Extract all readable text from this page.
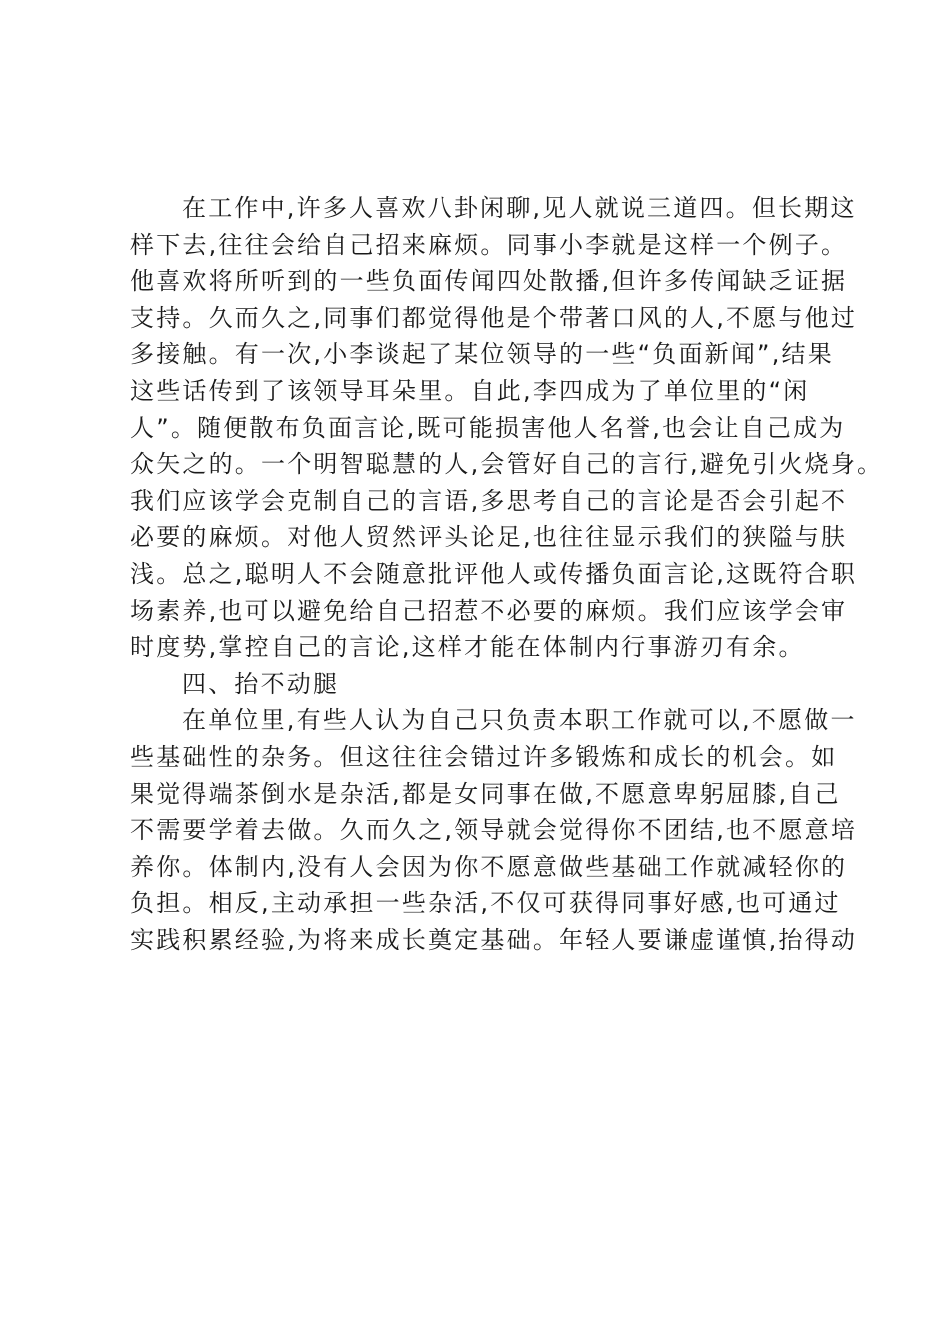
在工作中,许多人喜欢八卦闲聊,见人就说三道四。但长期这
样下去,往往会给自己招来麻烦。同事小李就是这样一个例子。
他喜欢将所听到的一些负面传闻四处散播,但许多传闻缺乏证据
支持。久而久之,同事们都觉得他是个带著口风的人,不愿与他过
多接触。有一次,小李谈起了某位领导的一些“负面新闻”,结果
这些话传到了该领导耳朵里。自此,李四成为了单位里的“闲
人”。随便散布负面言论,既可能损害他人名誉,也会让自己成为
众矢之的。一个明智聪慧的人,会管好自己的言行,避免引火烧身。
我们应该学会克制自己的言语,多思考自己的言论是否会引起不
必要的麻烦。对他人贸然评头论足,也往往显示我们的狭隘与肤
浅。总之,聪明人不会随意批评他人或传播负面言论,这既符合职
场素养,也可以避免给自己招惹不必要的麻烦。我们应该学会审
时度势,掌控自己的言论,这样才能在体制内行事游刃有余。
四、抬不动腿
在单位里,有些人认为自己只负责本职工作就可以,不愿做一
些基础性的杂务。但这往往会错过许多锻炼和成长的机会。如
果觉得端茶倒水是杂活,都是女同事在做,不愿意卑躬屈膝,自己
不需要学着去做。久而久之,领导就会觉得你不团结,也不愿意培
养你。体制内,没有人会因为你不愿意做些基础工作就减轻你的
负担。相反,主动承担一些杂活,不仅可获得同事好感,也可通过
实践积累经验,为将来成长奠定基础。年轻人要谦虚谨慎,抬得动
